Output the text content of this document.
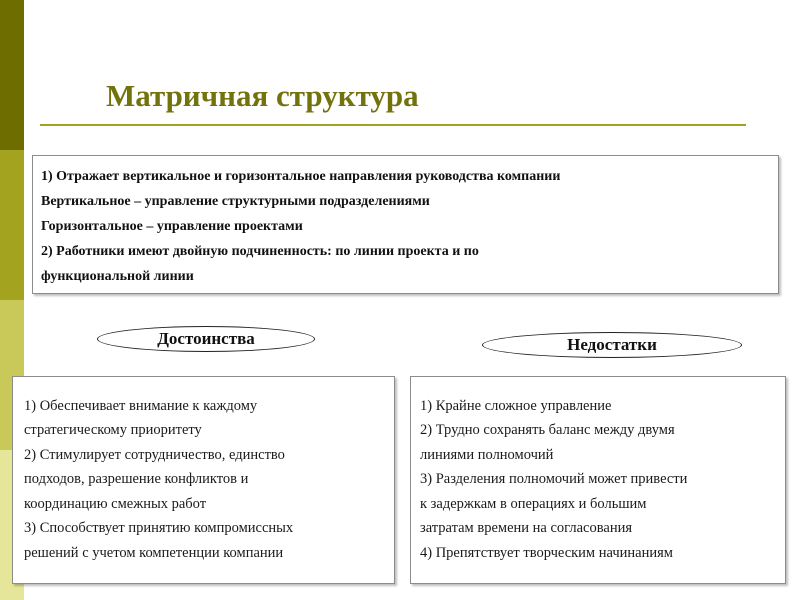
Матричная структура
1) Отражает вертикальное и горизонтальное направления руководства компании
Вертикальное – управление структурными подразделениями
Горизонтальное – управление проектами
2) Работники имеют двойную подчиненность: по линии проекта и по
функциональной линии
Достоинства	Недостатки
1) Обеспечивает внимание к каждому
стратегическому приоритету
2) Стимулирует сотрудничество, единство
подходов, разрешение конфликтов и
координацию смежных работ
3) Способствует принятию компромиссных
решений с учетом компетенции компании
1) Крайне сложное управление
2) Трудно сохранять баланс между двумя
линиями полномочий
3) Разделения полномочий может привести
к задержкам в операциях и большим
затратам времени на согласования
4) Препятствует творческим начинаниям
